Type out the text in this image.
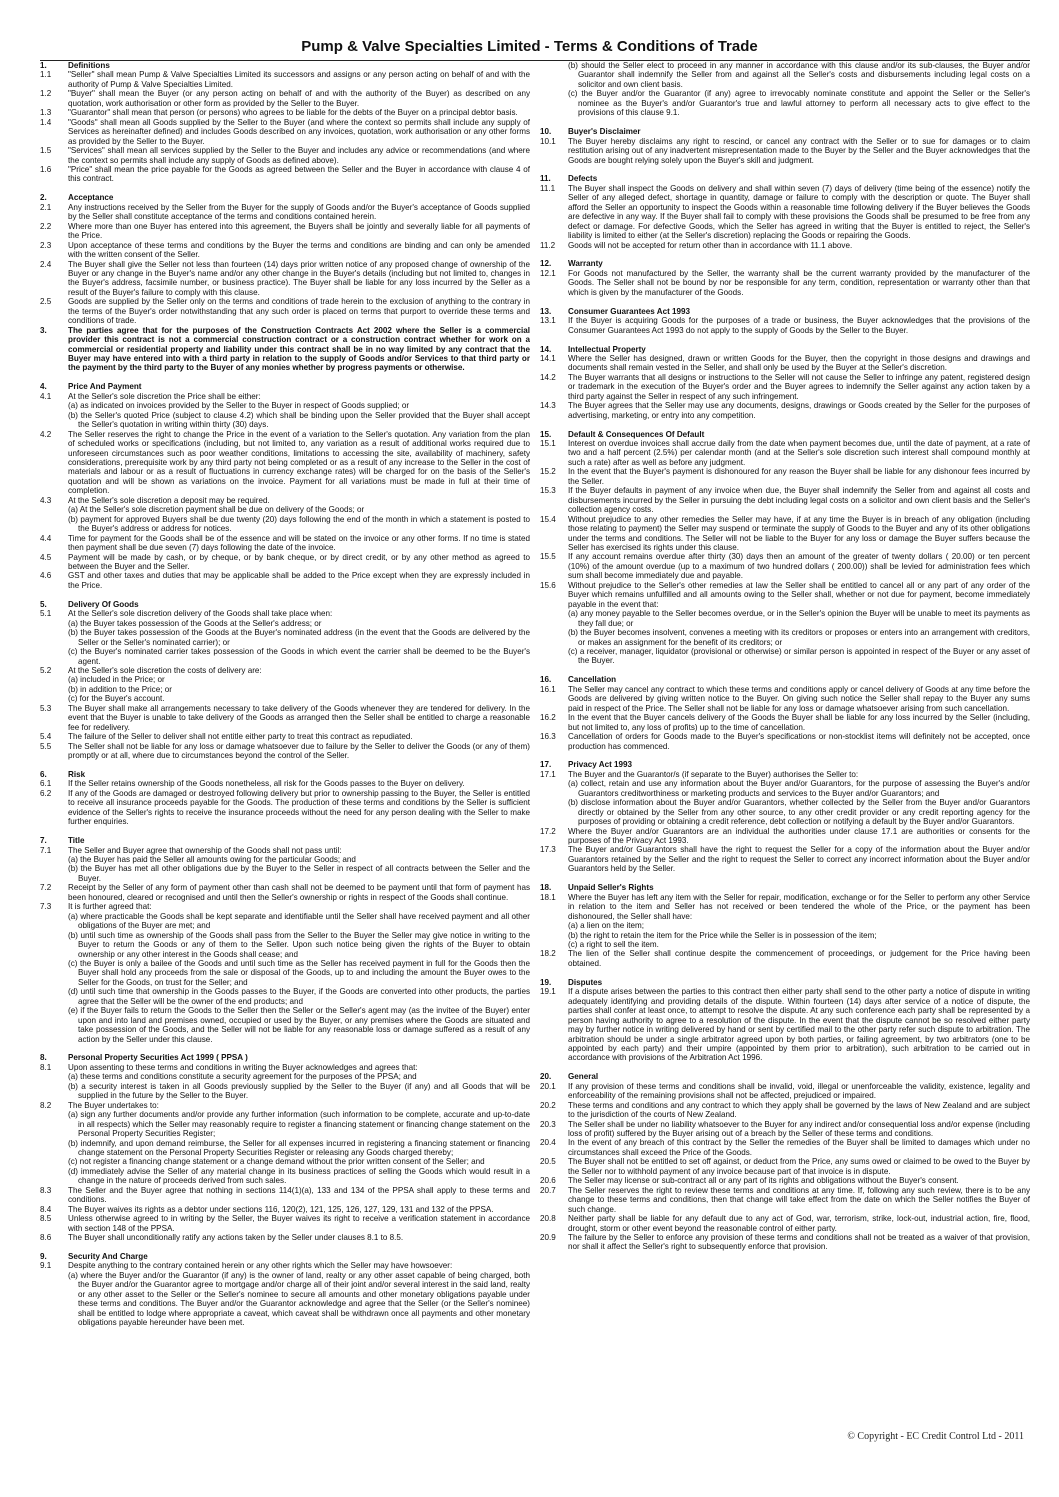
Pump & Valve Specialties Limited - Terms & Conditions of Trade
1.	Definitions
1.1	"Seller" shall mean Pump & Valve Specialties Limited its successors and assigns or any person acting on behalf of and with the authority of Pump & Valve Specialties Limited.
1.2	"Buyer" shall mean the Buyer (or any person acting on behalf of and with the authority of the Buyer) as described on any quotation, work authorisation or other form as provided by the Seller to the Buyer.
1.3	"Guarantor" shall mean that person (or persons) who agrees to be liable for the debts of the Buyer on a principal debtor basis.
1.4	"Goods" shall mean all Goods supplied by the Seller to the Buyer (and where the context so permits shall include any supply of Services as hereinafter defined) and includes Goods described on any invoices, quotation, work authorisation or any other forms as provided by the Seller to the Buyer.
1.5	"Services" shall mean all services supplied by the Seller to the Buyer and includes any advice or recommendations (and where the context so permits shall include any supply of Goods as defined above).
1.6	"Price" shall mean the price payable for the Goods as agreed between the Seller and the Buyer in accordance with clause 4 of this contract.
2.	Acceptance
2.1	Any instructions received by the Seller from the Buyer for the supply of Goods and/or the Buyer's acceptance of Goods supplied by the Seller shall constitute acceptance of the terms and conditions contained herein.
2.2	Where more than one Buyer has entered into this agreement, the Buyers shall be jointly and severally liable for all payments of the Price.
2.3	Upon acceptance of these terms and conditions by the Buyer the terms and conditions are binding and can only be amended with the written consent of the Seller.
2.4	The Buyer shall give the Seller not less than fourteen (14) days prior written notice of any proposed change of ownership of the Buyer or any change in the Buyer's name and/or any other change in the Buyer's details (including but not limited to, changes in the Buyer's address, facsimile number, or business practice). The Buyer shall be liable for any loss incurred by the Seller as a result of the Buyer's failure to comply with this clause.
2.5	Goods are supplied by the Seller only on the terms and conditions of trade herein to the exclusion of anything to the contrary in the terms of the Buyer's order notwithstanding that any such order is placed on terms that purport to override these terms and conditions of trade.
3.	The parties agree that for the purposes of the Construction Contracts Act 2002 where the Seller is a commercial provider this contract is not a commercial construction contract or a construction contract whether for work on a commercial or residential property and liability under this contract shall be in no way limited by any contract that the Buyer may have entered into with a third party in relation to the supply of Goods and/or Services to that third party or the payment by the third party to the Buyer of any monies whether by progress payments or otherwise.
4.	Price And Payment
4.1	At the Seller's sole discretion the Price shall be either:
(a) as indicated on invoices provided by the Seller to the Buyer in respect of Goods supplied; or
(b) the Seller's quoted Price (subject to clause 4.2) which shall be binding upon the Seller provided that the Buyer shall accept the Seller's quotation in writing within thirty (30) days.
4.2	The Seller reserves the right to change the Price in the event of a variation to the Seller's quotation. Any variation from the plan of scheduled works or specifications (including, but not limited to, any variation as a result of additional works required due to unforeseen circumstances such as poor weather conditions, limitations to accessing the site, availability of machinery, safety considerations, prerequisite work by any third party not being completed or as a result of any increase to the Seller in the cost of materials and labour or as a result of fluctuations in currency exchange rates) will be charged for on the basis of the Seller's quotation and will be shown as variations on the invoice. Payment for all variations must be made in full at their time of completion.
4.3	At the Seller's sole discretion a deposit may be required.
(a) At the Seller's sole discretion payment shall be due on delivery of the Goods; or
(b) payment for approved Buyers shall be due twenty (20) days following the end of the month in which a statement is posted to the Buyer's address or address for notices.
4.4	Time for payment for the Goods shall be of the essence and will be stated on the invoice or any other forms. If no time is stated then payment shall be due seven (7) days following the date of the invoice.
4.5	Payment will be made by cash, or by cheque, or by bank cheque, or by direct credit, or by any other method as agreed to between the Buyer and the Seller.
4.6	GST and other taxes and duties that may be applicable shall be added to the Price except when they are expressly included in the Price.
5.	Delivery Of Goods
5.1	At the Seller's sole discretion delivery of the Goods shall take place when:
(a) the Buyer takes possession of the Goods at the Seller's address; or
(b) the Buyer takes possession of the Goods at the Buyer's nominated address (in the event that the Goods are delivered by the Seller or the Seller's nominated carrier); or
(c) the Buyer's nominated carrier takes possession of the Goods in which event the carrier shall be deemed to be the Buyer's agent.
5.2	At the Seller's sole discretion the costs of delivery are:
(a) included in the Price; or
(b) in addition to the Price; or
(c) for the Buyer's account.
5.3	The Buyer shall make all arrangements necessary to take delivery of the Goods whenever they are tendered for delivery. In the event that the Buyer is unable to take delivery of the Goods as arranged then the Seller shall be entitled to charge a reasonable fee for redelivery.
5.4	The failure of the Seller to deliver shall not entitle either party to treat this contract as repudiated.
5.5	The Seller shall not be liable for any loss or damage whatsoever due to failure by the Seller to deliver the Goods (or any of them) promptly or at all, where due to circumstances beyond the control of the Seller.
6.	Risk
6.1	If the Seller retains ownership of the Goods nonetheless, all risk for the Goods passes to the Buyer on delivery.
6.2	If any of the Goods are damaged or destroyed following delivery but prior to ownership passing to the Buyer, the Seller is entitled to receive all insurance proceeds payable for the Goods. The production of these terms and conditions by the Seller is sufficient evidence of the Seller's rights to receive the insurance proceeds without the need for any person dealing with the Seller to make further enquiries.
7.	Title
7.1	The Seller and Buyer agree that ownership of the Goods shall not pass until:
(a) the Buyer has paid the Seller all amounts owing for the particular Goods; and
(b) the Buyer has met all other obligations due by the Buyer to the Seller in respect of all contracts between the Seller and the Buyer.
7.2	Receipt by the Seller of any form of payment other than cash shall not be deemed to be payment until that form of payment has been honoured, cleared or recognised and until then the Seller's ownership or rights in respect of the Goods shall continue.
7.3	It is further agreed that:
(a) where practicable the Goods shall be kept separate and identifiable until the Seller shall have received payment and all other obligations of the Buyer are met; and
(b) until such time as ownership of the Goods shall pass from the Seller to the Buyer the Seller may give notice in writing to the Buyer to return the Goods or any of them to the Seller. Upon such notice being given the rights of the Buyer to obtain ownership or any other interest in the Goods shall cease; and
(c) the Buyer is only a bailee of the Goods and until such time as the Seller has received payment in full for the Goods then the Buyer shall hold any proceeds from the sale or disposal of the Goods, up to and including the amount the Buyer owes to the Seller for the Goods, on trust for the Seller; and
(d) until such time that ownership in the Goods passes to the Buyer, if the Goods are converted into other products, the parties agree that the Seller will be the owner of the end products; and
(e) if the Buyer fails to return the Goods to the Seller then the Seller or the Seller's agent may (as the invitee of the Buyer) enter upon and into land and premises owned, occupied or used by the Buyer, or any premises where the Goods are situated and take possession of the Goods, and the Seller will not be liable for any reasonable loss or damage suffered as a result of any action by the Seller under this clause.
8.	Personal Property Securities Act 1999 ( PPSA )
8.1	Upon assenting to these terms and conditions in writing the Buyer acknowledges and agrees that:
(a) these terms and conditions constitute a security agreement for the purposes of the PPSA; and
(b) a security interest is taken in all Goods previously supplied by the Seller to the Buyer (if any) and all Goods that will be supplied in the future by the Seller to the Buyer.
8.2	The Buyer undertakes to:
(a) sign any further documents and/or provide any further information (such information to be complete, accurate and up-to-date in all respects) which the Seller may reasonably require to register a financing statement or financing change statement on the Personal Property Securities Register;
(b) indemnify, and upon demand reimburse, the Seller for all expenses incurred in registering a financing statement or financing change statement on the Personal Property Securities Register or releasing any Goods charged thereby;
(c) not register a financing change statement or a change demand without the prior written consent of the Seller; and
(d) immediately advise the Seller of any material change in its business practices of selling the Goods which would result in a change in the nature of proceeds derived from such sales.
8.3	The Seller and the Buyer agree that nothing in sections 114(1)(a), 133 and 134 of the PPSA shall apply to these terms and conditions.
8.4	The Buyer waives its rights as a debtor under sections 116, 120(2), 121, 125, 126, 127, 129, 131 and 132 of the PPSA.
8.5	Unless otherwise agreed to in writing by the Seller, the Buyer waives its right to receive a verification statement in accordance with section 148 of the PPSA.
8.6	The Buyer shall unconditionally ratify any actions taken by the Seller under clauses 8.1 to 8.5.
9.	Security And Charge
9.1	Despite anything to the contrary contained herein or any other rights which the Seller may have howsoever:
(a) where the Buyer and/or the Guarantor (if any) is the owner of land, realty or any other asset capable of being charged, both the Buyer and/or the Guarantor agree to mortgage and/or charge all of their joint and/or several interest in the said land, realty or any other asset to the Seller or the Seller's nominee to secure all amounts and other monetary obligations payable under these terms and conditions. The Buyer and/or the Guarantor acknowledge and agree that the Seller (or the Seller's nominee) shall be entitled to lodge where appropriate a caveat, which caveat shall be withdrawn once all payments and other monetary obligations payable hereunder have been met.
(b) should the Seller elect to proceed in any manner in accordance with this clause and/or its sub-clauses, the Buyer and/or Guarantor shall indemnify the Seller from and against all the Seller's costs and disbursements including legal costs on a solicitor and own client basis.
(c) the Buyer and/or the Guarantor (if any) agree to irrevocably nominate constitute and appoint the Seller or the Seller's nominee as the Buyer's and/or Guarantor's true and lawful attorney to perform all necessary acts to give effect to the provisions of this clause 9.1.
10.	Buyer's Disclaimer
10.1	The Buyer hereby disclaims any right to rescind, or cancel any contract with the Seller or to sue for damages or to claim restitution arising out of any inadvertent misrepresentation made to the Buyer by the Seller and the Buyer acknowledges that the Goods are bought relying solely upon the Buyer's skill and judgment.
11.	Defects
11.1	The Buyer shall inspect the Goods on delivery and shall within seven (7) days of delivery (time being of the essence) notify the Seller of any alleged defect, shortage in quantity, damage or failure to comply with the description or quote. The Buyer shall afford the Seller an opportunity to inspect the Goods within a reasonable time following delivery if the Buyer believes the Goods are defective in any way. If the Buyer shall fail to comply with these provisions the Goods shall be presumed to be free from any defect or damage. For defective Goods, which the Seller has agreed in writing that the Buyer is entitled to reject, the Seller's liability is limited to either (at the Seller's discretion) replacing the Goods or repairing the Goods.
11.2	Goods will not be accepted for return other than in accordance with 11.1 above.
12.	Warranty
12.1	For Goods not manufactured by the Seller, the warranty shall be the current warranty provided by the manufacturer of the Goods. The Seller shall not be bound by nor be responsible for any term, condition, representation or warranty other than that which is given by the manufacturer of the Goods.
13.	Consumer Guarantees Act 1993
13.1	If the Buyer is acquiring Goods for the purposes of a trade or business, the Buyer acknowledges that the provisions of the Consumer Guarantees Act 1993 do not apply to the supply of Goods by the Seller to the Buyer.
14.	Intellectual Property
14.1	Where the Seller has designed, drawn or written Goods for the Buyer, then the copyright in those designs and drawings and documents shall remain vested in the Seller, and shall only be used by the Buyer at the Seller's discretion.
14.2	The Buyer warrants that all designs or instructions to the Seller will not cause the Seller to infringe any patent, registered design or trademark in the execution of the Buyer's order and the Buyer agrees to indemnify the Seller against any action taken by a third party against the Seller in respect of any such infringement.
14.3	The Buyer agrees that the Seller may use any documents, designs, drawings or Goods created by the Seller for the purposes of advertising, marketing, or entry into any competition.
15.	Default & Consequences Of Default
15.1	Interest on overdue invoices shall accrue daily from the date when payment becomes due, until the date of payment, at a rate of two and a half percent (2.5%) per calendar month (and at the Seller's sole discretion such interest shall compound monthly at such a rate) after as well as before any judgment.
15.2	In the event that the Buyer's payment is dishonoured for any reason the Buyer shall be liable for any dishonour fees incurred by the Seller.
15.3	If the Buyer defaults in payment of any invoice when due, the Buyer shall indemnify the Seller from and against all costs and disbursements incurred by the Seller in pursuing the debt including legal costs on a solicitor and own client basis and the Seller's collection agency costs.
15.4	Without prejudice to any other remedies the Seller may have, if at any time the Buyer is in breach of any obligation (including those relating to payment) the Seller may suspend or terminate the supply of Goods to the Buyer and any of its other obligations under the terms and conditions. The Seller will not be liable to the Buyer for any loss or damage the Buyer suffers because the Seller has exercised its rights under this clause.
15.5	If any account remains overdue after thirty (30) days then an amount of the greater of twenty dollars ( 20.00) or ten percent (10%) of the amount overdue (up to a maximum of two hundred dollars ( 200.00)) shall be levied for administration fees which sum shall become immediately due and payable.
15.6	Without prejudice to the Seller's other remedies at law the Seller shall be entitled to cancel all or any part of any order of the Buyer which remains unfulfilled and all amounts owing to the Seller shall, whether or not due for payment, become immediately payable in the event that:
(a) any money payable to the Seller becomes overdue, or in the Seller's opinion the Buyer will be unable to meet its payments as they fall due; or
(b) the Buyer becomes insolvent, convenes a meeting with its creditors or proposes or enters into an arrangement with creditors, or makes an assignment for the benefit of its creditors; or
(c) a receiver, manager, liquidator (provisional or otherwise) or similar person is appointed in respect of the Buyer or any asset of the Buyer.
16.	Cancellation
16.1	The Seller may cancel any contract to which these terms and conditions apply or cancel delivery of Goods at any time before the Goods are delivered by giving written notice to the Buyer. On giving such notice the Seller shall repay to the Buyer any sums paid in respect of the Price. The Seller shall not be liable for any loss or damage whatsoever arising from such cancellation.
16.2	In the event that the Buyer cancels delivery of the Goods the Buyer shall be liable for any loss incurred by the Seller (including, but not limited to, any loss of profits) up to the time of cancellation.
16.3	Cancellation of orders for Goods made to the Buyer's specifications or non-stocklist items will definitely not be accepted, once production has commenced.
17.	Privacy Act 1993
17.1	The Buyer and the Guarantor/s (if separate to the Buyer) authorises the Seller to:
(a) collect, retain and use any information about the Buyer and/or Guarantors, for the purpose of assessing the Buyer's and/or Guarantors creditworthiness or marketing products and services to the Buyer and/or Guarantors; and
(b) disclose information about the Buyer and/or Guarantors, whether collected by the Seller from the Buyer and/or Guarantors directly or obtained by the Seller from any other source, to any other credit provider or any credit reporting agency for the purposes of providing or obtaining a credit reference, debt collection or notifying a default by the Buyer and/or Guarantors.
17.2	Where the Buyer and/or Guarantors are an individual the authorities under clause 17.1 are authorities or consents for the purposes of the Privacy Act 1993.
17.3	The Buyer and/or Guarantors shall have the right to request the Seller for a copy of the information about the Buyer and/or Guarantors retained by the Seller and the right to request the Seller to correct any incorrect information about the Buyer and/or Guarantors held by the Seller.
18.	Unpaid Seller's Rights
18.1	Where the Buyer has left any item with the Seller for repair, modification, exchange or for the Seller to perform any other Service in relation to the item and Seller has not received or been tendered the whole of the Price, or the payment has been dishonoured, the Seller shall have:
(a) a lien on the item;
(b) the right to retain the item for the Price while the Seller is in possession of the item;
(c) a right to sell the item.
18.2	The lien of the Seller shall continue despite the commencement of proceedings, or judgement for the Price having been obtained.
19.	Disputes
19.1	If a dispute arises between the parties to this contract then either party shall send to the other party a notice of dispute in writing adequately identifying and providing details of the dispute. Within fourteen (14) days after service of a notice of dispute, the parties shall confer at least once, to attempt to resolve the dispute. At any such conference each party shall be represented by a person having authority to agree to a resolution of the dispute. In the event that the dispute cannot be so resolved either party may by further notice in writing delivered by hand or sent by certified mail to the other party refer such dispute to arbitration. The arbitration should be under a single arbitrator agreed upon by both parties, or failing agreement, by two arbitrators (one to be appointed by each party) and their umpire (appointed by them prior to arbitration), such arbitration to be carried out in accordance with provisions of the Arbitration Act 1996.
20.	General
20.1	If any provision of these terms and conditions shall be invalid, void, illegal or unenforceable the validity, existence, legality and enforceability of the remaining provisions shall not be affected, prejudiced or impaired.
20.2	These terms and conditions and any contract to which they apply shall be governed by the laws of New Zealand and are subject to the jurisdiction of the courts of New Zealand.
20.3	The Seller shall be under no liability whatsoever to the Buyer for any indirect and/or consequential loss and/or expense (including loss of profit) suffered by the Buyer arising out of a breach by the Seller of these terms and conditions.
20.4	In the event of any breach of this contract by the Seller the remedies of the Buyer shall be limited to damages which under no circumstances shall exceed the Price of the Goods.
20.5	The Buyer shall not be entitled to set off against, or deduct from the Price, any sums owed or claimed to be owed to the Buyer by the Seller nor to withhold payment of any invoice because part of that invoice is in dispute.
20.6	The Seller may license or sub-contract all or any part of its rights and obligations without the Buyer's consent.
20.7	The Seller reserves the right to review these terms and conditions at any time. If, following any such review, there is to be any change to these terms and conditions, then that change will take effect from the date on which the Seller notifies the Buyer of such change.
20.8	Neither party shall be liable for any default due to any act of God, war, terrorism, strike, lock-out, industrial action, fire, flood, drought, storm or other event beyond the reasonable control of either party.
20.9	The failure by the Seller to enforce any provision of these terms and conditions shall not be treated as a waiver of that provision, nor shall it affect the Seller's right to subsequently enforce that provision.
© Copyright - EC Credit Control Ltd - 2011
